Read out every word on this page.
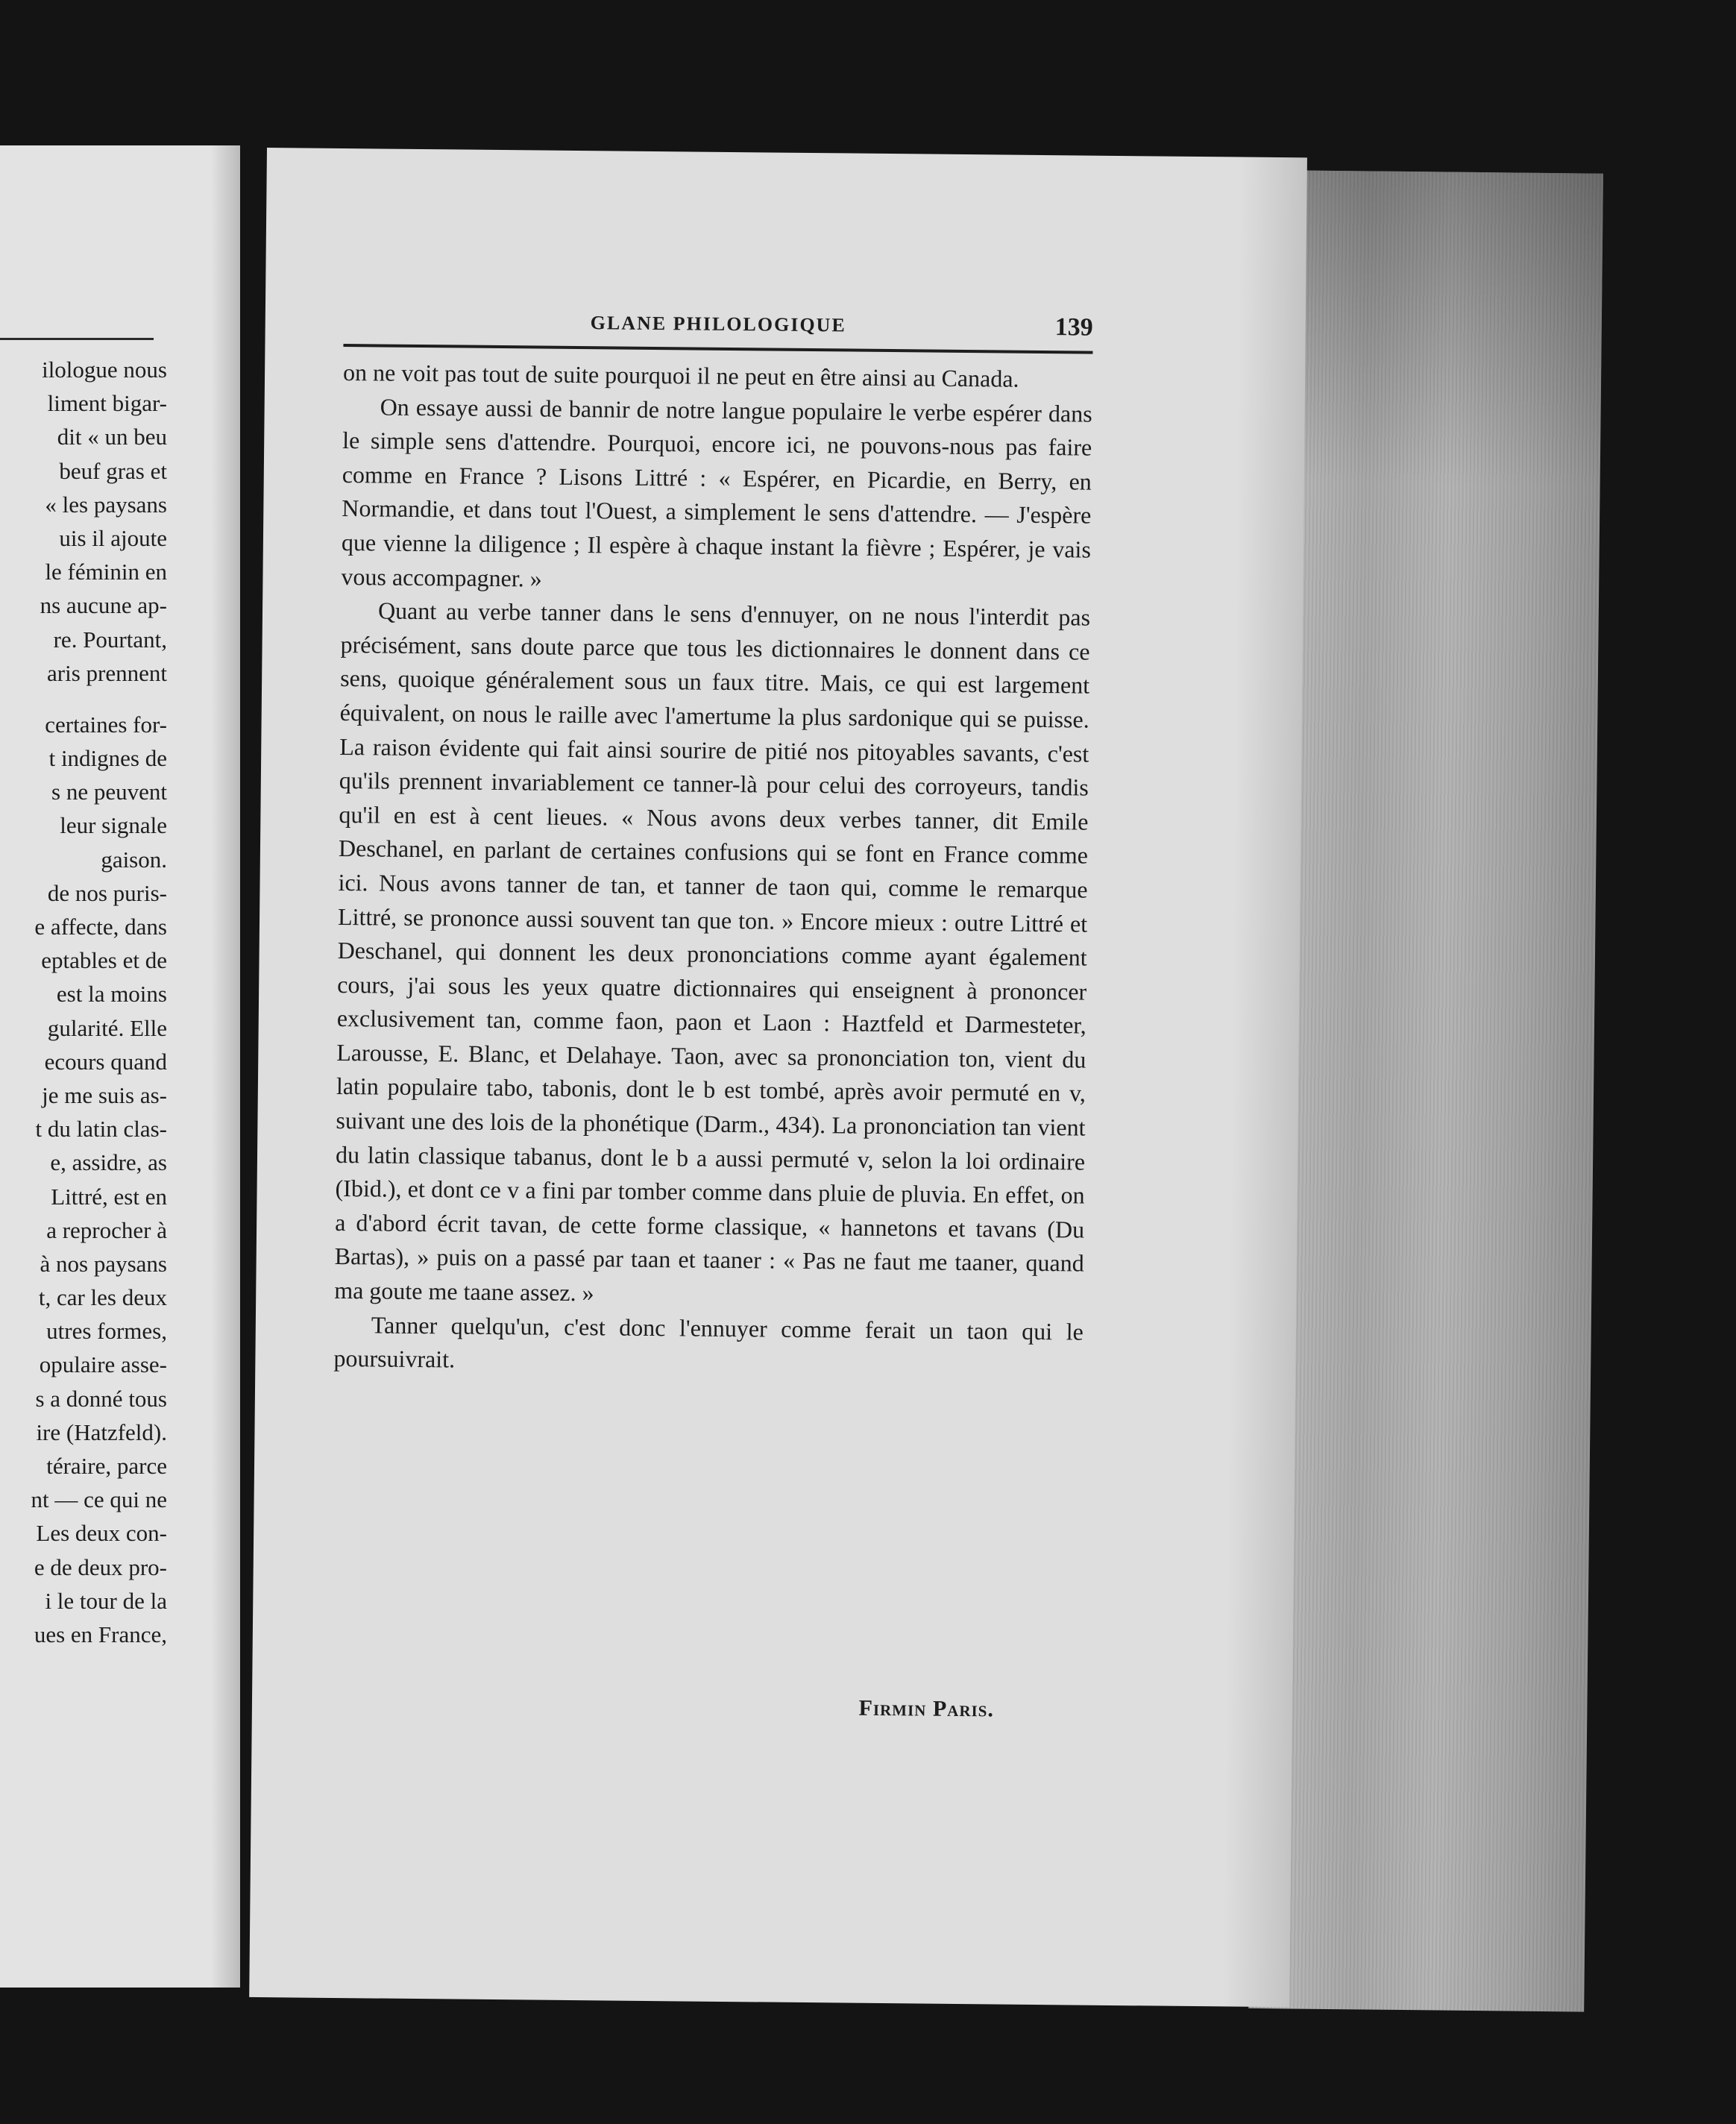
ilologue nous
liment bigar-
dit « un beu
beuf gras et
« les paysans
uis il ajoute
le féminin en
ns aucune ap-
re. Pourtant,
aris prennent
certaines for-
t indignes de
s ne peuvent
leur signale
gaison.
de nos puris-
e affecte, dans
eptables et de
est la moins
gularité. Elle
ecours quand
je me suis as-
t du latin clas-
e, assidre, as
Littré, est en
a reprocher à
à nos paysans
t, car les deux
utres formes,
opulaire asse-
s a donné tous
ire (Hatzfeld).
téraire, parce
nt — ce qui ne
Les deux con-
e de deux pro-
i le tour de la
ues en France,
GLANE PHILOLOGIQUE	139

on ne voit pas tout de suite pourquoi il ne peut en être ainsi au Canada.

On essaye aussi de bannir de notre langue populaire le verbe espérer dans le simple sens d'attendre. Pourquoi, encore ici, ne pouvons-nous pas faire comme en France ? Lisons Littré : « Espérer, en Picardie, en Berry, en Normandie, et dans tout l'Ouest, a simplement le sens d'attendre. — J'espère que vienne la diligence ; Il espère à chaque instant la fièvre ; Espérer, je vais vous accompagner. »

Quant au verbe tanner dans le sens d'ennuyer, on ne nous l'interdit pas précisément, sans doute parce que tous les dictionnaires le donnent dans ce sens, quoique généralement sous un faux titre. Mais, ce qui est largement équivalent, on nous le raille avec l'amertume la plus sardonique qui se puisse. La raison évidente qui fait ainsi sourire de pitié nos pitoyables savants, c'est qu'ils prennent invariablement ce tanner-là pour celui des corroyeurs, tandis qu'il en est à cent lieues. « Nous avons deux verbes tanner, dit Emile Deschanel, en parlant de certaines confusions qui se font en France comme ici. Nous avons tanner de tan, et tanner de taon qui, comme le remarque Littré, se prononce aussi souvent tan que ton. » Encore mieux : outre Littré et Deschanel, qui donnent les deux prononciations comme ayant également cours, j'ai sous les yeux quatre dictionnaires qui enseignent à prononcer exclusivement tan, comme faon, paon et Laon : Haztfeld et Darmesteter, Larousse, E. Blanc, et Delahaye. Taon, avec sa prononciation ton, vient du latin populaire tabo, tabonis, dont le b est tombé, après avoir permuté en v, suivant une des lois de la phonétique (Darm., 434). La prononciation tan vient du latin classique tabanus, dont le b a aussi permuté v, selon la loi ordinaire (Ibid.), et dont ce v a fini par tomber comme dans pluie de pluvia. En effet, on a d'abord écrit tavan, de cette forme classique, « hannetons et tavans (Du Bartas), » puis on a passé par taan et taaner : « Pas ne faut me taaner, quand ma goute me taane assez. »

Tanner quelqu'un, c'est donc l'ennuyer comme ferait un taon qui le poursuivrait.

Firmin Paris.
